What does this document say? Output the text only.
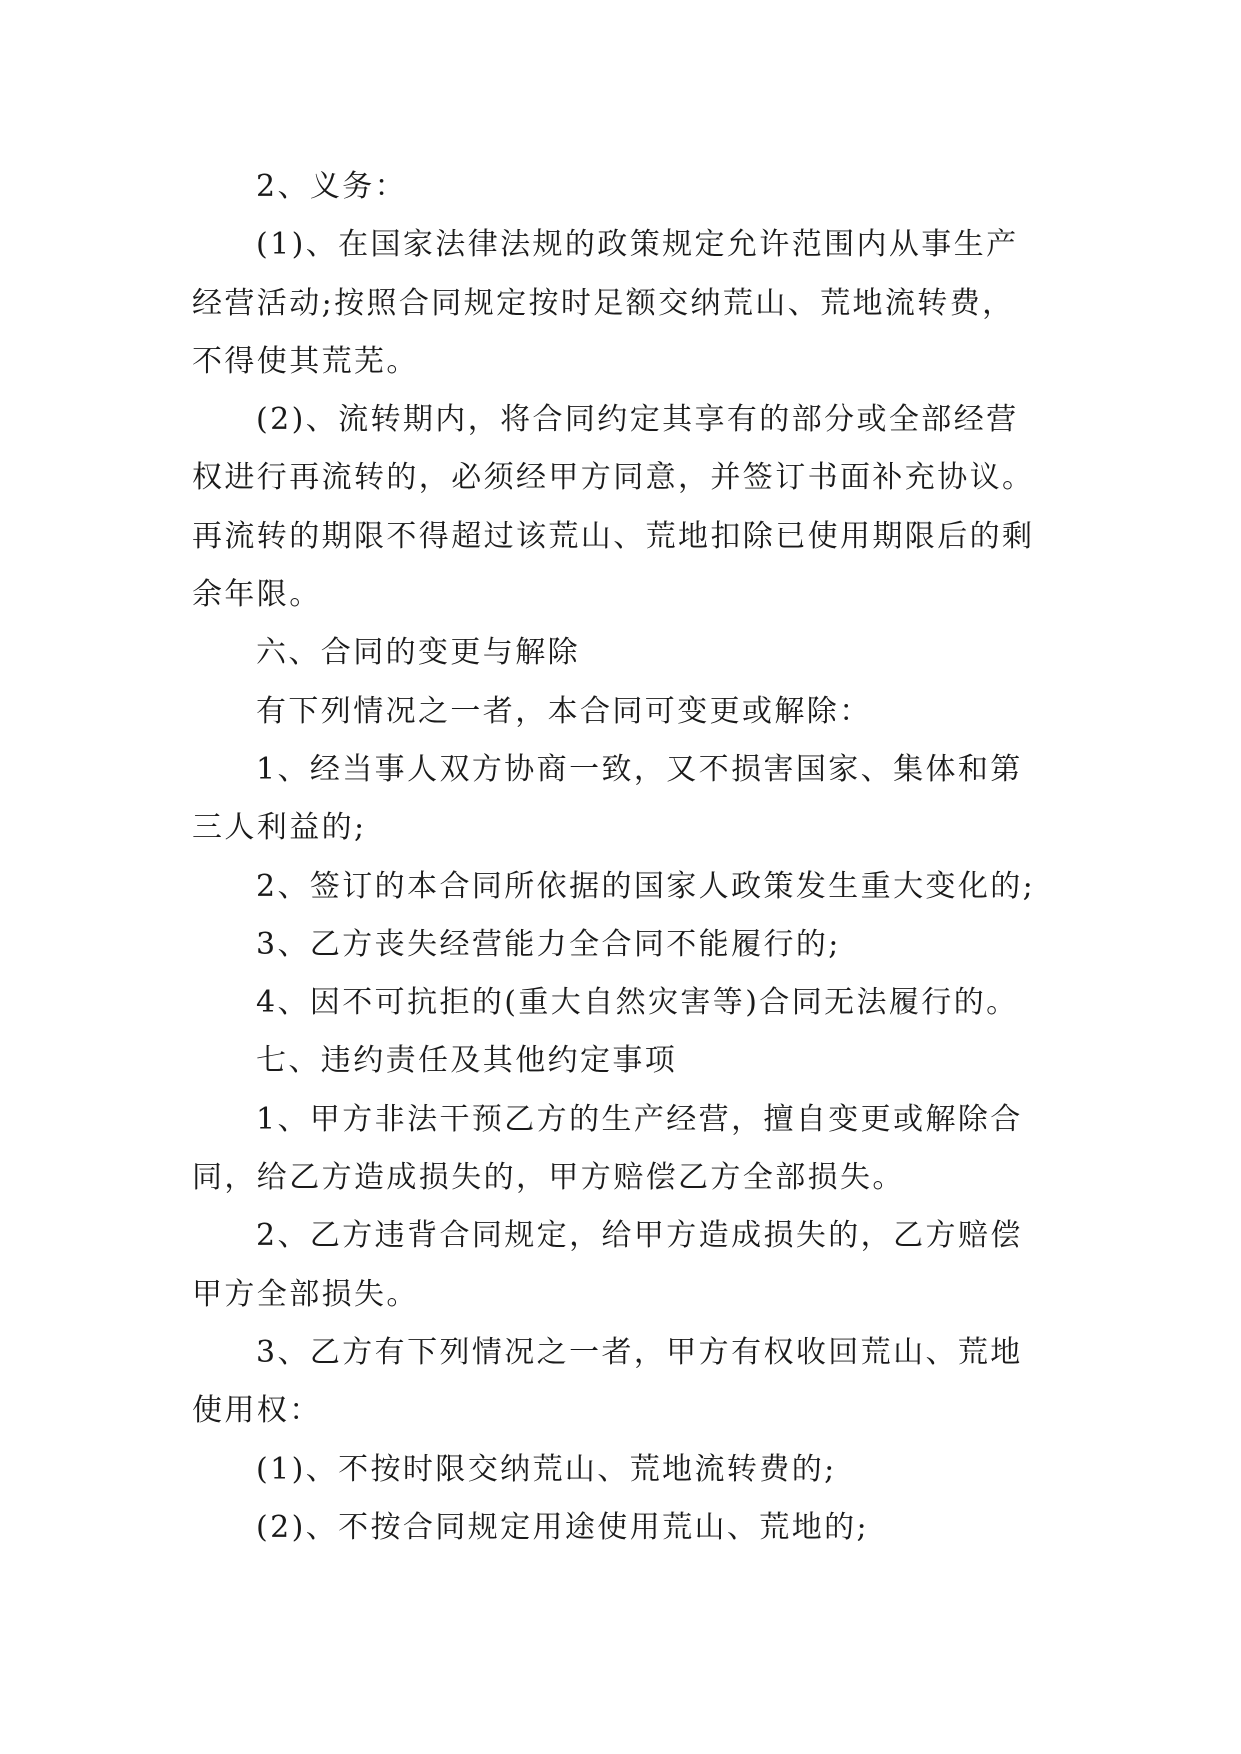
2、义务：

(1)、在国家法律法规的政策规定允许范围内从事生产
经营活动;按照合同规定按时足额交纳荒山、荒地流转费，
不得使其荒芜。

(2)、流转期内，将合同约定其享有的部分或全部经营
权进行再流转的，必须经甲方同意，并签订书面补充协议。
再流转的期限不得超过该荒山、荒地扣除已使用期限后的剩
余年限。

六、合同的变更与解除

有下列情况之一者，本合同可变更或解除：

1、经当事人双方协商一致，又不损害国家、集体和第
三人利益的;

2、签订的本合同所依据的国家人政策发生重大变化的;

3、乙方丧失经营能力全合同不能履行的;

4、因不可抗拒的(重大自然灾害等)合同无法履行的。

七、违约责任及其他约定事项

1、甲方非法干预乙方的生产经营，擅自变更或解除合
同，给乙方造成损失的，甲方赔偿乙方全部损失。

2、乙方违背合同规定，给甲方造成损失的，乙方赔偿
甲方全部损失。

3、乙方有下列情况之一者，甲方有权收回荒山、荒地
使用权：

(1)、不按时限交纳荒山、荒地流转费的;

(2)、不按合同规定用途使用荒山、荒地的;
